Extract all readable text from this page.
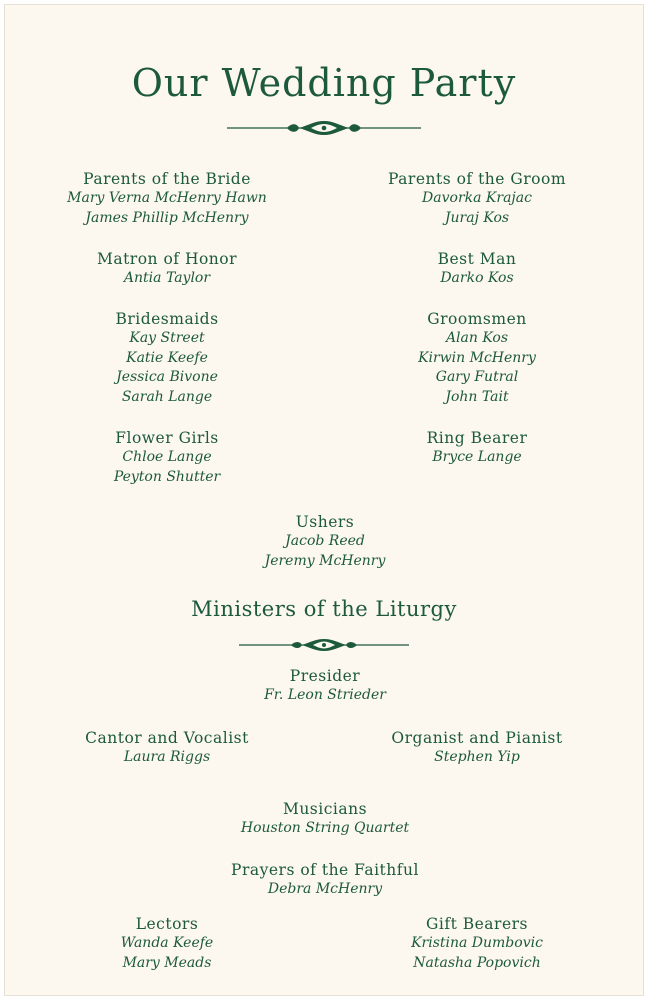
Our Wedding Party
Parents of the Bride
Mary Verna McHenry Hawn
James Phillip McHenry
Parents of the Groom
Davorka Krajac
Juraj Kos
Matron of Honor
Antia Taylor
Best Man
Darko Kos
Bridesmaids
Kay Street
Katie Keefe
Jessica Bivone
Sarah Lange
Groomsmen
Alan Kos
Kirwin McHenry
Gary Futral
John Tait
Flower Girls
Chloe Lange
Peyton Shutter
Ring Bearer
Bryce Lange
Ushers
Jacob Reed
Jeremy McHenry
Ministers of the Liturgy
Presider
Fr. Leon Strieder
Cantor and Vocalist
Laura Riggs
Organist and Pianist
Stephen Yip
Musicians
Houston String Quartet
Prayers of the Faithful
Debra McHenry
Lectors
Wanda Keefe
Mary Meads
Gift Bearers
Kristina Dumbovic
Natasha Popovich
